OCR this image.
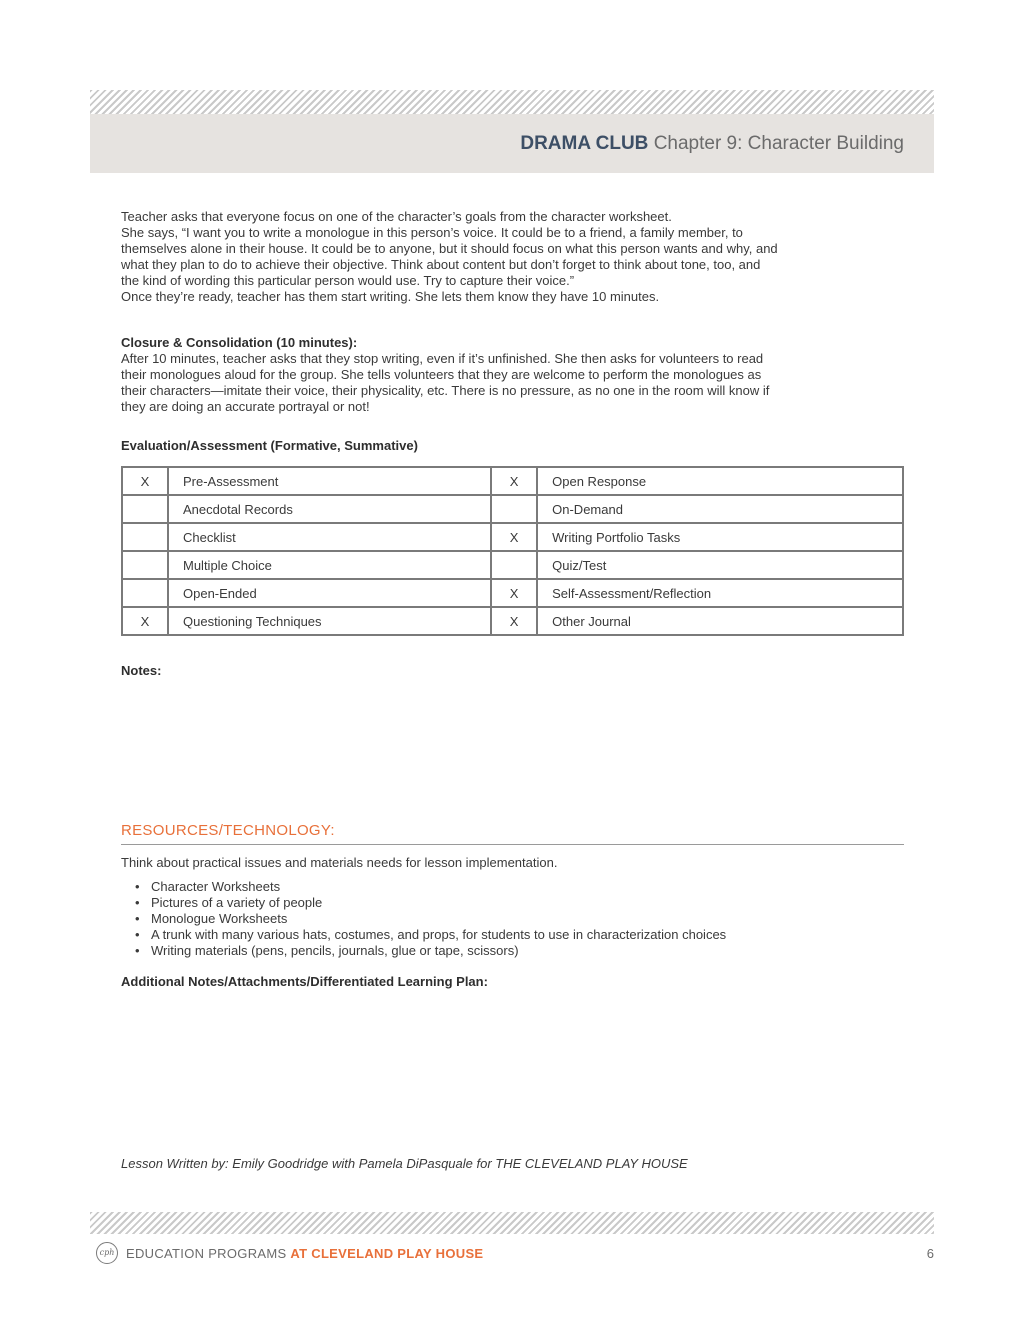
DRAMA CLUB Chapter 9: Character Building

Teacher asks that everyone focus on one of the character’s goals from the character worksheet.

She says, “I want you to write a monologue in this person’s voice. It could be to a friend, a family member, to
themselves alone in their house. It could be to anyone, but it should focus on what this person wants and why, and
what they plan to do to achieve their objective. Think about content but don’t forget to think about tone, too, and
the kind of wording this particular person would use. Try to capture their voice.”

Once they’re ready, teacher has them start writing. She lets them know they have 10 minutes.

Closure & Consolidation (10 minutes):

After 10 minutes, teacher asks that they stop writing, even if it’s unfinished. She then asks for volunteers to read
their monologues aloud for the group. She tells volunteers that they are welcome to perform the monologues as
their characters—imitate their voice, their physicality, etc. There is no pressure, as no one in the room will know if
they are doing an accurate portrayal or not!

Evaluation/Assessment (Formative, Summative)

X	Pre-Assessment	X	Open Response
	Anecdotal Records		On-Demand
	Checklist	X	Writing Portfolio Tasks
	Multiple Choice		Quiz/Test
	Open-Ended	X	Self-Assessment/Reflection
X	Questioning Techniques	X	Other Journal

Notes:

RESOURCES/TECHNOLOGY:

Think about practical issues and materials needs for lesson implementation.

• Character Worksheets
• Pictures of a variety of people
• Monologue Worksheets
• A trunk with many various hats, costumes, and props, for students to use in characterization choices
• Writing materials (pens, pencils, journals, glue or tape, scissors)

Additional Notes/Attachments/Differentiated Learning Plan:

Lesson Written by: Emily Goodridge with Pamela DiPasquale for THE CLEVELAND PLAY HOUSE
cph EDUCATION PROGRAMS AT CLEVELAND PLAY HOUSE	6
